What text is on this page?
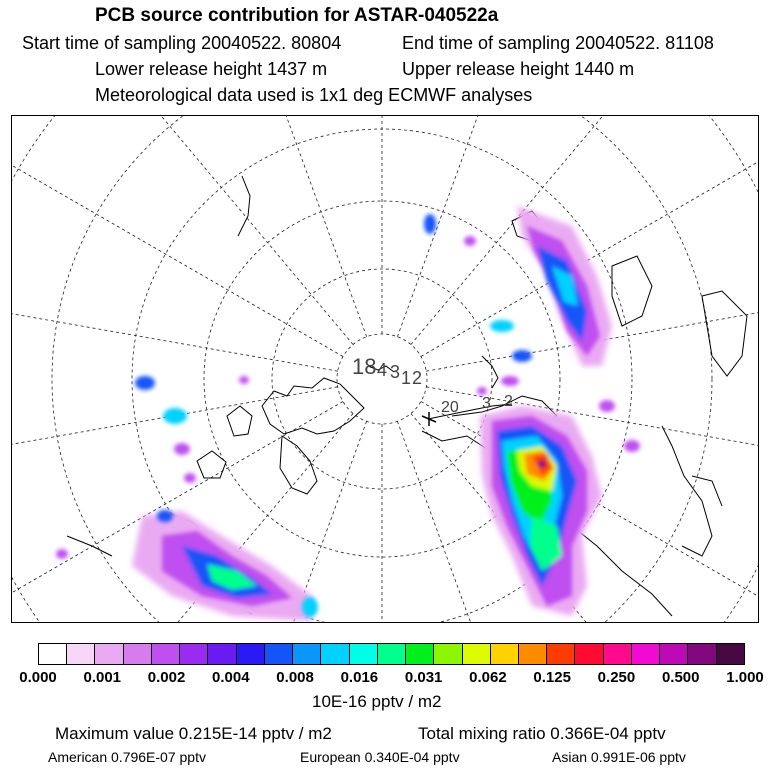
PCB source contribution for ASTAR-040522a
Start time of sampling 20040522. 80804	End time of sampling 20040522. 81108
Lower release height 1437 m	Upper release height 1440 m
Meteorological data used is 1x1 deg ECMWF analyses
18 4 3 1 2
20 3 2
0.000 0.001 0.002 0.004 0.008 0.016 0.031 0.062 0.125 0.250 0.500 1.000
10E-16 pptv / m2
Maximum value 0.215E-14 pptv / m2	Total mixing ratio 0.366E-04 pptv
American 0.796E-07 pptv	European 0.340E-04 pptv	Asian 0.991E-06 pptv
